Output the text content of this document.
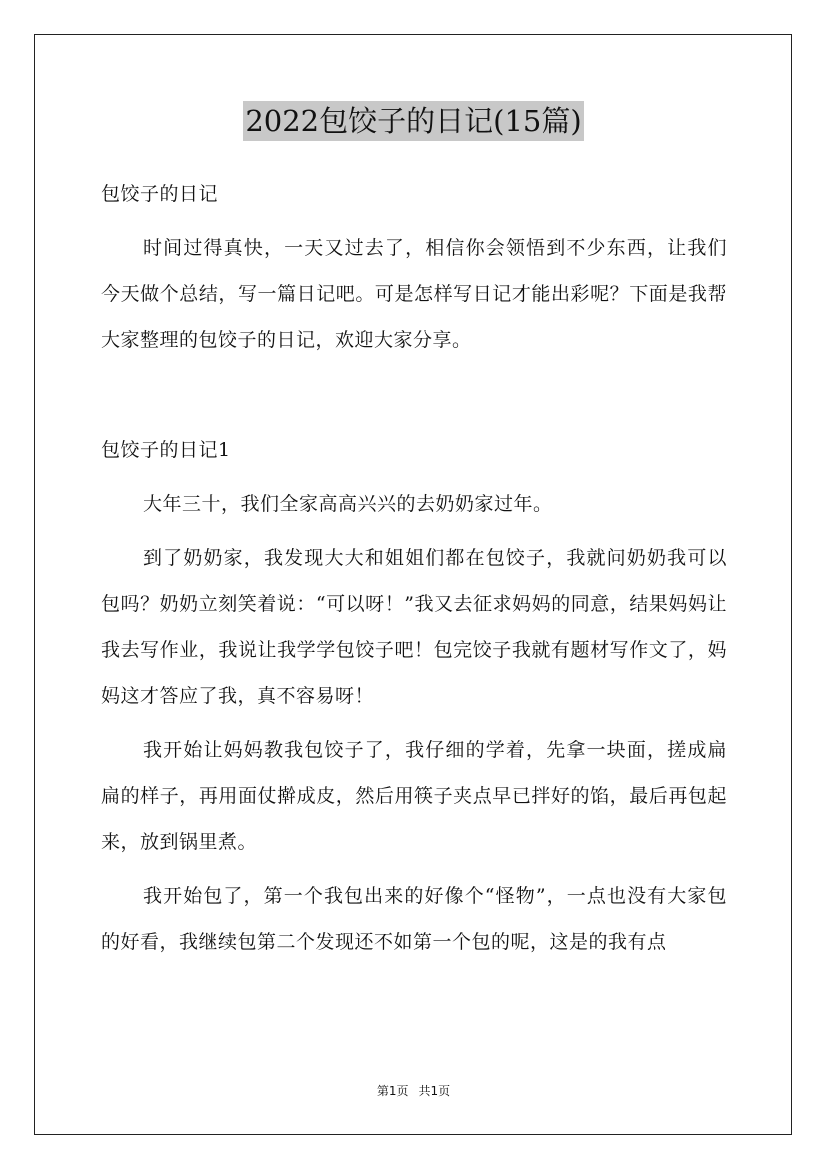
2022包饺子的日记(15篇)

包饺子的日记

时间过得真快，一天又过去了，相信你会领悟到不少东西，让我们今天做个总结，写一篇日记吧。可是怎样写日记才能出彩呢？下面是我帮大家整理的包饺子的日记，欢迎大家分享。

包饺子的日记1

大年三十，我们全家高高兴兴的去奶奶家过年。

到了奶奶家，我发现大大和姐姐们都在包饺子，我就问奶奶我可以包吗？奶奶立刻笑着说：“可以呀！”我又去征求妈妈的同意，结果妈妈让我去写作业，我说让我学学包饺子吧！包完饺子我就有题材写作文了，妈妈这才答应了我，真不容易呀！

我开始让妈妈教我包饺子了，我仔细的学着，先拿一块面，搓成扁扁的样子，再用面仗擀成皮，然后用筷子夹点早已拌好的馅，最后再包起来，放到锅里煮。

我开始包了，第一个我包出来的好像个“怪物”，一点也没有大家包的好看，我继续包第二个发现还不如第一个包的呢，这是的我有点

第1页 共1页
